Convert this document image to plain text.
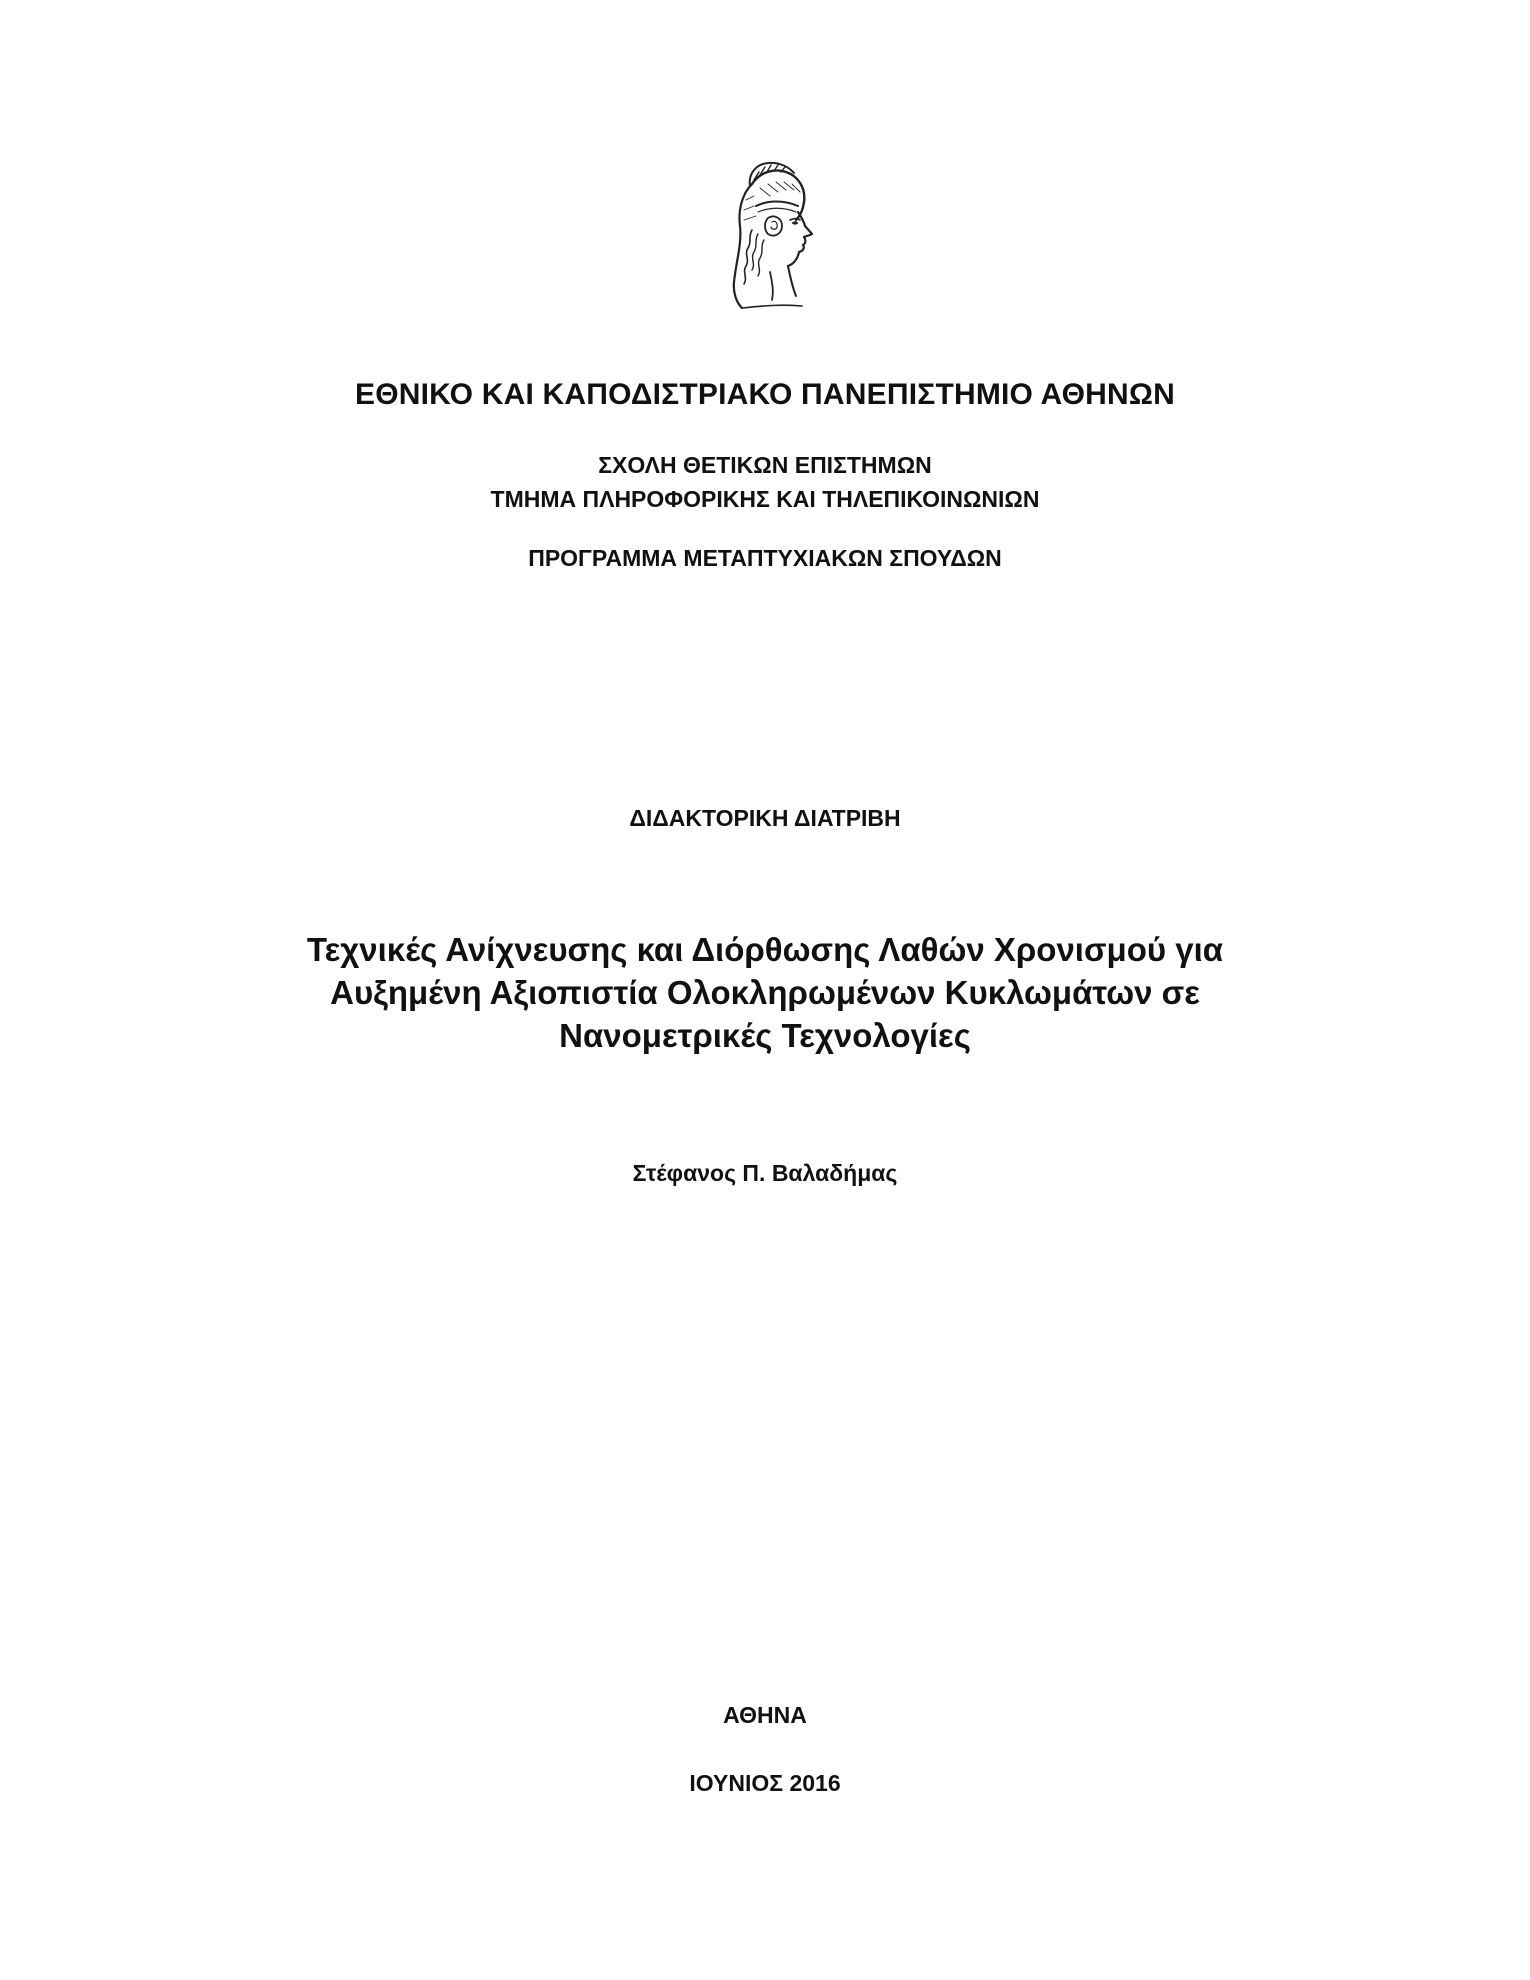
ΕΘΝΙΚΟ ΚΑΙ ΚΑΠΟΔΙΣΤΡΙΑΚΟ ΠΑΝΕΠΙΣΤΗΜΙΟ ΑΘΗΝΩΝ
ΣΧΟΛΗ ΘΕΤΙΚΩΝ ΕΠΙΣΤΗΜΩΝ
ΤΜΗΜΑ ΠΛΗΡΟΦΟΡΙΚΗΣ ΚΑΙ ΤΗΛΕΠΙΚΟΙΝΩΝΙΩΝ
ΠΡΟΓΡΑΜΜΑ ΜΕΤΑΠΤΥΧΙΑΚΩΝ ΣΠΟΥΔΩΝ
ΔΙΔΑΚΤΟΡΙΚΗ ΔΙΑΤΡΙΒΗ
Τεχνικές Ανίχνευσης και Διόρθωσης Λαθών Χρονισμού για
Αυξημένη Αξιοπιστία Ολοκληρωμένων Κυκλωμάτων σε
Νανομετρικές Τεχνολογίες
Στέφανος Π. Βαλαδήμας
ΑΘΗΝΑ
ΙΟΥΝΙΟΣ 2016
